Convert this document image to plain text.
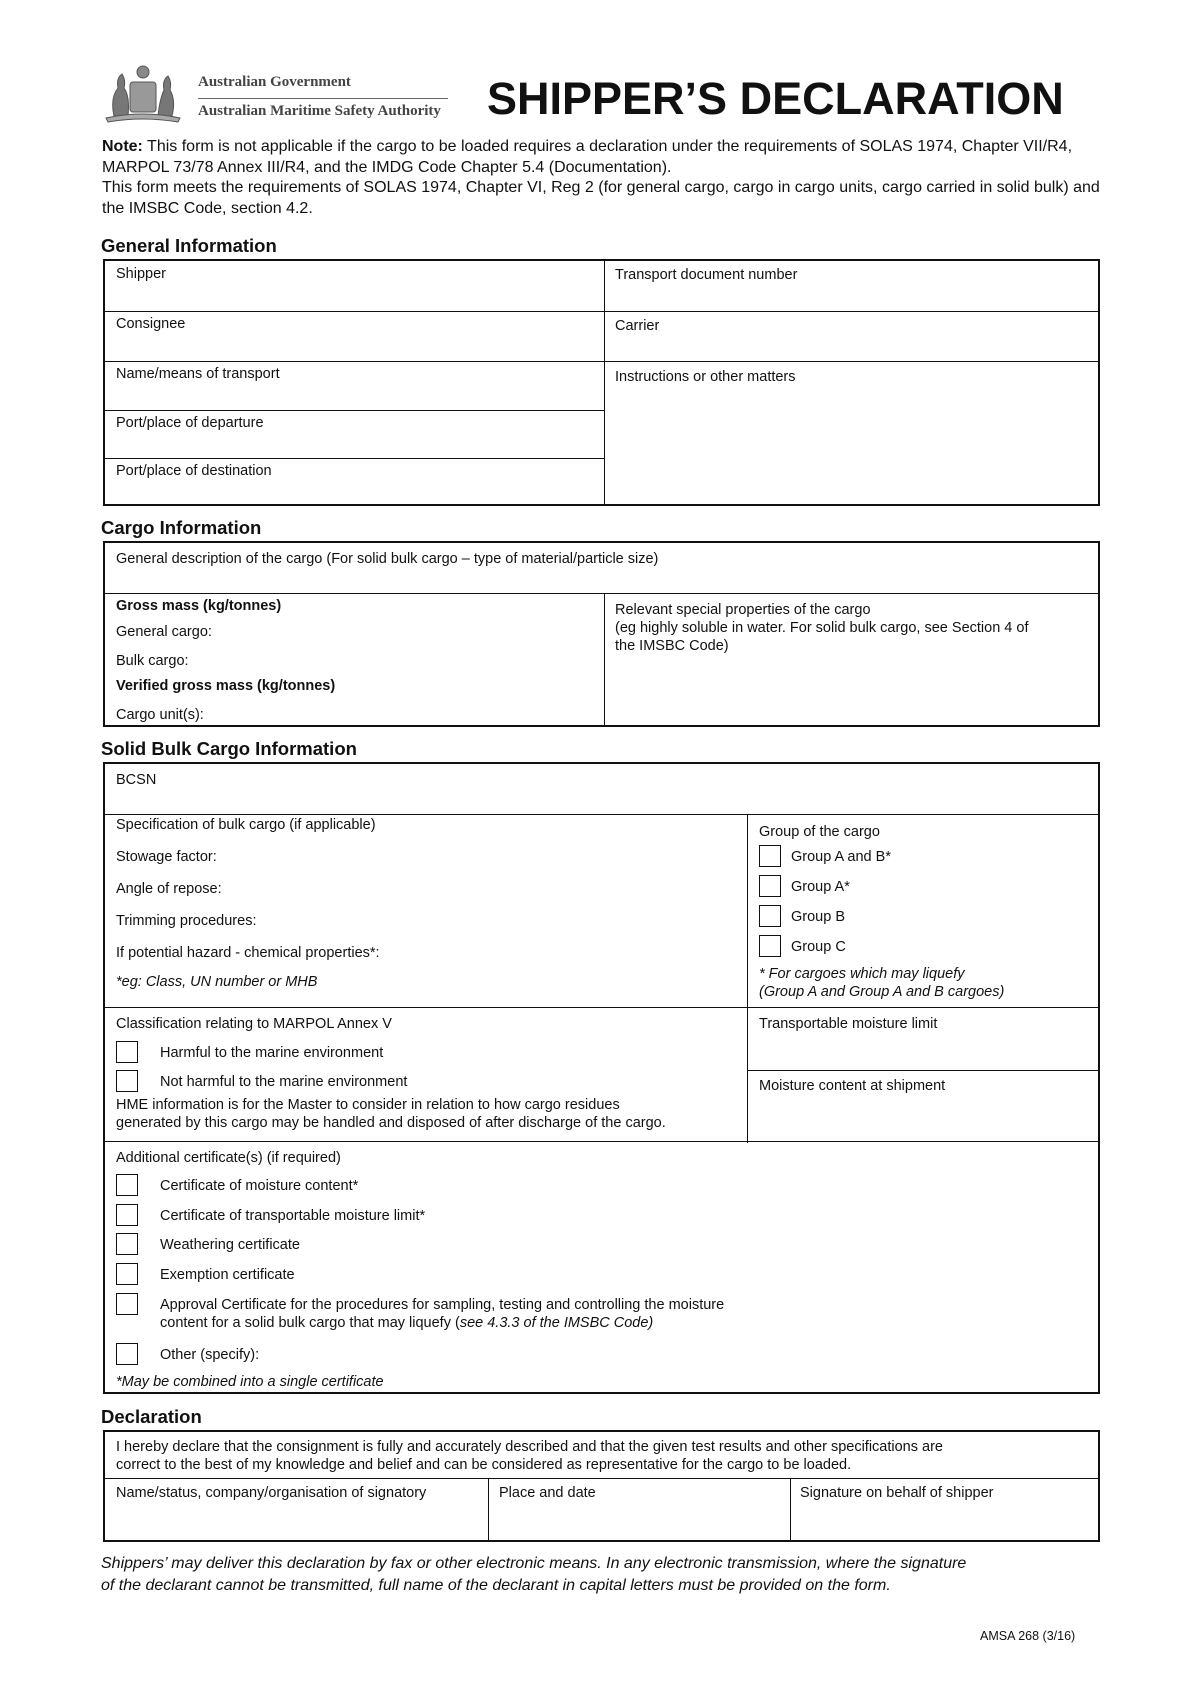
Australian Government
Australian Maritime Safety Authority SHIPPER’S DECLARATION
Note: This form is not applicable if the cargo to be loaded requires a declaration under the requirements of SOLAS 1974, Chapter VII/R4, MARPOL 73/78 Annex III/R4, and the IMDG Code Chapter 5.4 (Documentation).
This form meets the requirements of SOLAS 1974, Chapter VI, Reg 2 (for general cargo, cargo in cargo units, cargo carried in solid bulk) and the IMSBC Code, section 4.2.
General Information
Shipper	Transport document number
Consignee	Carrier
Name/means of transport	Instructions or other matters
Port/place of departure
Port/place of destination
Cargo Information
General description of the cargo (For solid bulk cargo – type of material/particle size)
Gross mass (kg/tonnes)
General cargo:
Bulk cargo:
Verified gross mass (kg/tonnes)
Cargo unit(s):
Relevant special properties of the cargo
(eg highly soluble in water. For solid bulk cargo, see Section 4 of
the IMSBC Code)
Solid Bulk Cargo Information
BCSN
Specification of bulk cargo (if applicable)
Stowage factor:
Angle of repose:
Trimming procedures:
If potential hazard - chemical properties*:
*eg: Class, UN number or MHB
Group of the cargo
Group A and B*
Group A*
Group B
Group C
* For cargoes which may liquefy
(Group A and Group A and B cargoes)
Classification relating to MARPOL Annex V
Harmful to the marine environment
Not harmful to the marine environment
HME information is for the Master to consider in relation to how cargo residues
generated by this cargo may be handled and disposed of after discharge of the cargo.
Transportable moisture limit
Moisture content at shipment
Additional certificate(s) (if required)
Certificate of moisture content*
Certificate of transportable moisture limit*
Weathering certificate
Exemption certificate
Approval Certificate for the procedures for sampling, testing and controlling the moisture
content for a solid bulk cargo that may liquefy (see 4.3.3 of the IMSBC Code)
Other (specify):
*May be combined into a single certificate
Declaration
I hereby declare that the consignment is fully and accurately described and that the given test results and other specifications are
correct to the best of my knowledge and belief and can be considered as representative for the cargo to be loaded.
Name/status, company/organisation of signatory	Place and date	Signature on behalf of shipper
Shippers’ may deliver this declaration by fax or other electronic means. In any electronic transmission, where the signature
of the declarant cannot be transmitted, full name of the declarant in capital letters must be provided on the form.
AMSA 268 (3/16)
